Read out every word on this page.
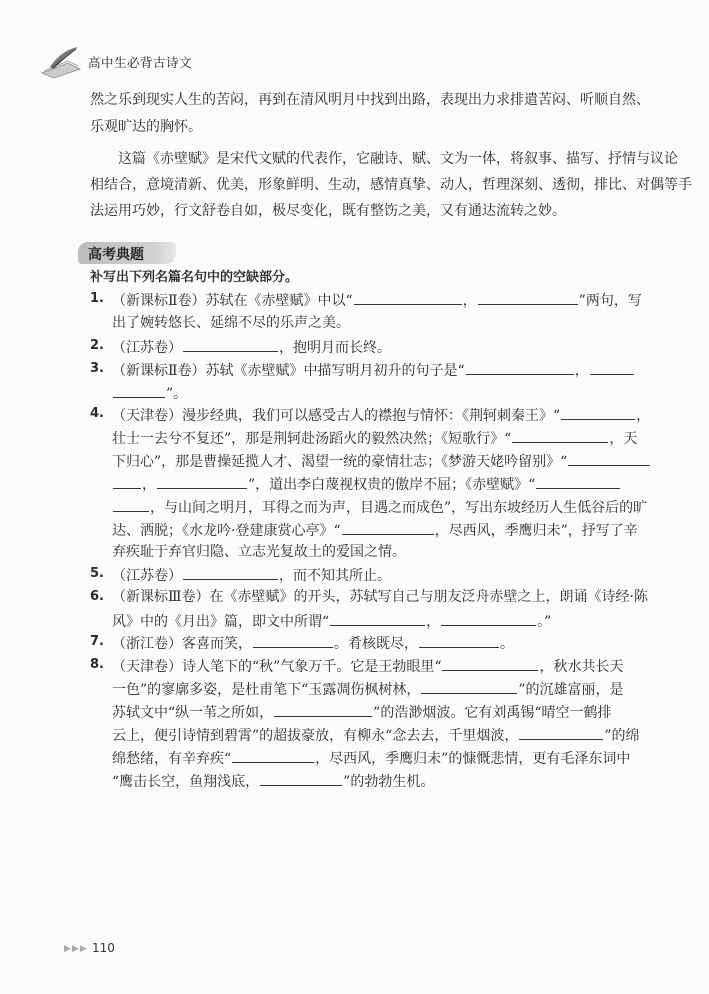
高中生必背古诗文
然之乐到现实人生的苦闷，再到在清风明月中找到出路，表现出力求排遣苦闷、听顺自然、
乐观旷达的胸怀。
这篇《赤壁赋》是宋代文赋的代表作，它融诗、赋、文为一体，将叙事、描写、抒情与议论
相结合，意境清新、优美，形象鲜明、生动，感情真挚、动人，哲理深刻、透彻，排比、对偶等手
法运用巧妙，行文舒卷自如，极尽变化，既有整饬之美，又有通达流转之妙。
高考典题
补写出下列名篇名句中的空缺部分。
1. （新课标Ⅱ卷）苏轼在《赤壁赋》中以“	，	”两句，写
出了婉转悠长、延绵不尽的乐声之美。
2. （江苏卷）	，抱明月而长终。
3. （新课标Ⅱ卷）苏轼《赤壁赋》中描写明月初升的句子是“	，
”。
4. （天津卷）漫步经典，我们可以感受古人的襟抱与情怀：《荆轲刺秦王》“	，
壮士一去兮不复还”，那是荆轲赴汤蹈火的毅然决然；《短歌行》“	，天
下归心”，那是曹操延揽人才、渴望一统的豪情壮志；《梦游天姥吟留别》“
，	”，道出李白蔑视权贵的傲岸不屈；《赤壁赋》“
，与山间之明月，耳得之而为声，目遇之而成色”，写出东坡经历人生低谷后的旷
达、洒脱；《水龙吟·登建康赏心亭》“	，尽西风，季鹰归未”，抒写了辛
弃疾耻于弃官归隐、立志光复故土的爱国之情。
5. （江苏卷）	，而不知其所止。
6. （新课标Ⅲ卷）在《赤壁赋》的开头，苏轼写自己与朋友泛舟赤壁之上，朗诵《诗经·陈
风》中的《月出》篇，即文中所谓“	，	。”
7. （浙江卷）客喜而笑，	。肴核既尽，	。
8. （天津卷）诗人笔下的“秋”气象万千。它是王勃眼里“	，秋水共长天
一色”的寥廓多姿，是杜甫笔下“玉露凋伤枫树林，	”的沉雄富丽，是
苏轼文中“纵一苇之所如，	”的浩渺烟波。它有刘禹锡“晴空一鹤排
云上，便引诗情到碧霄”的超拔豪放，有柳永“念去去，千里烟波，	”的绵
绵愁绪，有辛弃疾“	，尽西风，季鹰归未”的慷慨悲情，更有毛泽东词中
“鹰击长空，鱼翔浅底，	”的勃勃生机。
▶▶▶ 110
